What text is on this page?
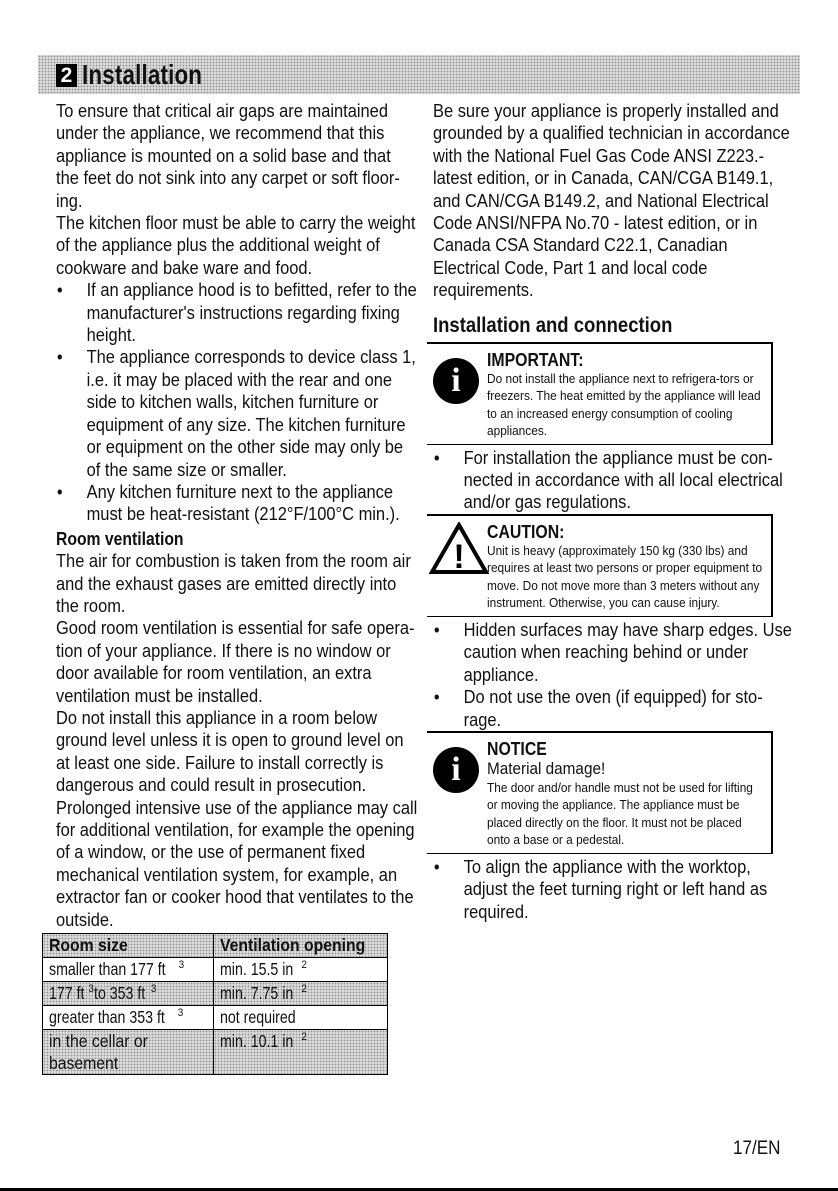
2 Installation

To ensure that critical air gaps are maintained under the appliance, we recommend that this appliance is mounted on a solid base and that the feet do not sink into any carpet or soft floor-ing.

The kitchen floor must be able to carry the weight of the appliance plus the additional weight of cookware and bake ware and food.

• If an appliance hood is to befitted, refer to the manufacturer's instructions regarding fixing height.
• The appliance corresponds to device class 1, i.e. it may be placed with the rear and one side to kitchen walls, kitchen furniture or equipment of any size. The kitchen furniture or equipment on the other side may only be of the same size or smaller.
• Any kitchen furniture next to the appliance must be heat-resistant (212°F/100°C min.).
Room ventilation

The air for combustion is taken from the room air and the exhaust gases are emitted directly into the room.

Good room ventilation is essential for safe opera-tion of your appliance. If there is no window or door available for room ventilation, an extra ventilation must be installed.

Do not install this appliance in a room below ground level unless it is open to ground level on at least one side. Failure to install correctly is dangerous and could result in prosecution.

Prolonged intensive use of the appliance may call for additional ventilation, for example the opening of a window, or the use of permanent fixed mechanical ventilation system, for example, an extractor fan or cooker hood that ventilates to the outside.

Room size	Ventilation opening
smaller than 177 ft $^3$	min. 15.5 in $^2$
177 ft $^3$to 353 ft $^3$	min. 7.75 in $^2$
greater than 353 ft $^3$	not required
in the cellar or
basement	min. 10.1 in $^2$

Be sure your appliance is properly installed and grounded by a qualified technician in accordance with the National Fuel Gas Code ANSI Z223.-latest edition, or in Canada, CAN/CGA B149.1, and CAN/CGA B149.2, and National Electrical Code ANSI/NFPA No.70 - latest edition, or in Canada CSA Standard C22.1, Canadian Electrical Code, Part 1 and local code requirements.

Installation and connection
i
IMPORTANT:
Do not install the appliance next to refrigera-tors or freezers. The heat emitted by the appliance will lead to an increased energy consumption of cooling appliances.
• For installation the appliance must be con-nected in accordance with all local electrical and/or gas regulations.
!
CAUTION:
Unit is heavy (approximately 150 kg (330 lbs) and requires at least two persons or proper equipment to move. Do not move more than 3 meters without any instrument. Otherwise, you can cause injury.
• Hidden surfaces may have sharp edges. Use caution when reaching behind or under appliance.
• Do not use the oven (if equipped) for sto-rage.
i
NOTICE
Material damage!
The door and/or handle must not be used for lifting or moving the appliance. The appliance must be placed directly on the floor. It must not be placed onto a base or a pedestal.
• To align the appliance with the worktop, adjust the feet turning right or left hand as required.
17/EN
